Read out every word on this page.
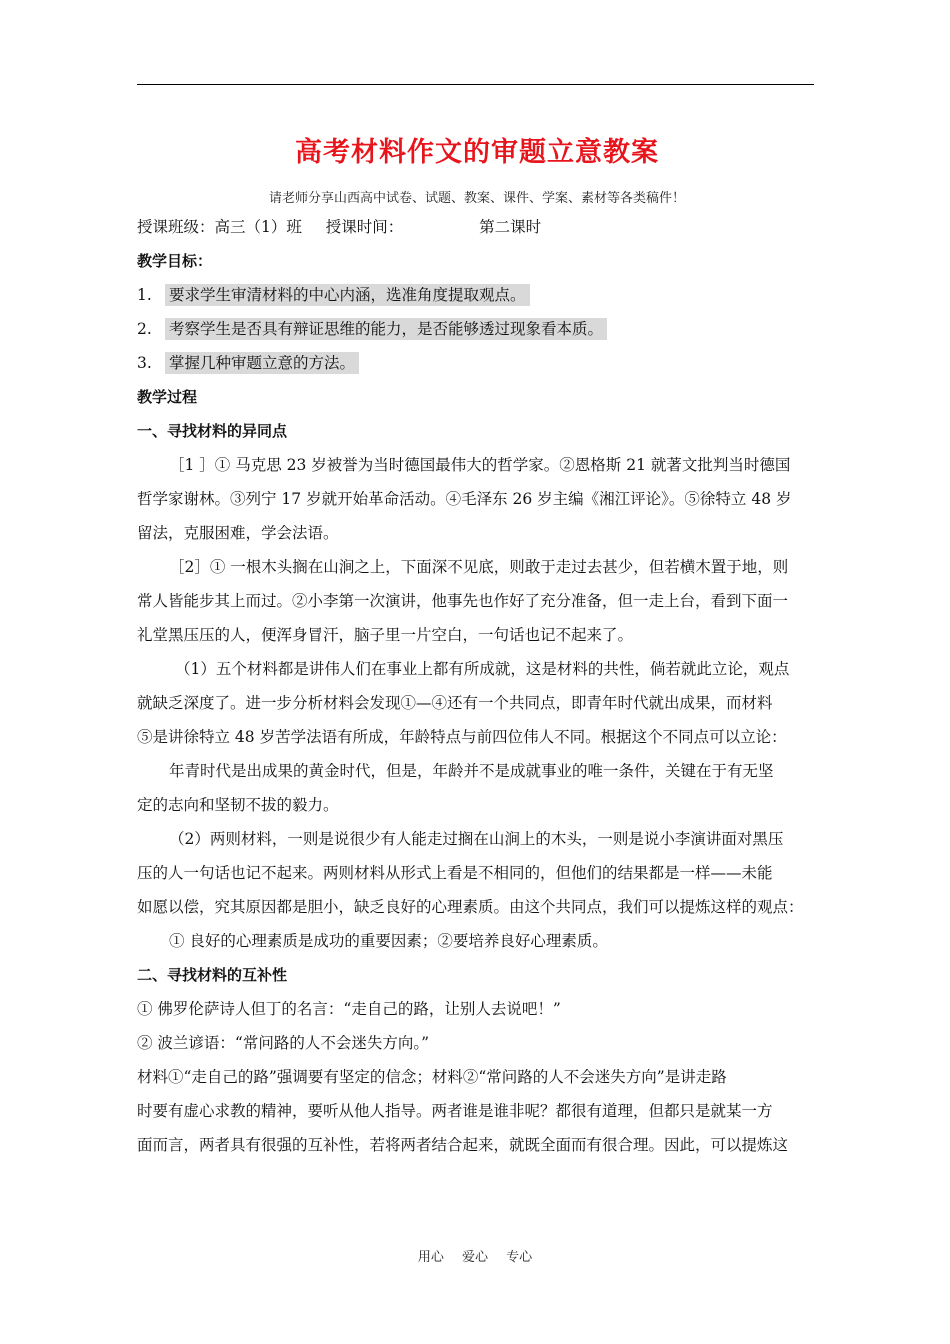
高考材料作文的审题立意教案
请老师分享山西高中试卷、试题、教案、课件、学案、素材等各类稿件！
授课班级：高三（1）班 授课时间：	第二课时
教学目标：
1. 要求学生审清材料的中心内涵，选准角度提取观点。
2. 考察学生是否具有辩证思维的能力，是否能够透过现象看本质。
3. 掌握几种审题立意的方法。
教学过程
一、寻找材料的异同点
［1 ］① 马克思 23 岁被誉为当时德国最伟大的哲学家。②恩格斯 21 就著文批判当时德国
哲学家谢林。③列宁 17 岁就开始革命活动。④毛泽东 26 岁主编《湘江评论》。⑤徐特立 48 岁
留法，克服困难，学会法语。
［2］① 一根木头搁在山涧之上，下面深不见底，则敢于走过去甚少，但若横木置于地，则
常人皆能步其上而过。②小李第一次演讲，他事先也作好了充分准备，但一走上台，看到下面一
礼堂黑压压的人，便浑身冒汗，脑子里一片空白，一句话也记不起来了。
（1）五个材料都是讲伟人们在事业上都有所成就，这是材料的共性，倘若就此立论，观点
就缺乏深度了。进一步分析材料会发现①—④还有一个共同点，即青年时代就出成果，而材料
⑤是讲徐特立 48 岁苦学法语有所成，年龄特点与前四位伟人不同。根据这个不同点可以立论：
年青时代是出成果的黄金时代，但是，年龄并不是成就事业的唯一条件，关键在于有无坚
定的志向和坚韧不拔的毅力。
（2）两则材料，一则是说很少有人能走过搁在山涧上的木头，一则是说小李演讲面对黑压
压的人一句话也记不起来。两则材料从形式上看是不相同的，但他们的结果都是一样——未能
如愿以偿，究其原因都是胆小，缺乏良好的心理素质。由这个共同点，我们可以提炼这样的观点：
① 良好的心理素质是成功的重要因素；②要培养良好心理素质。
二、寻找材料的互补性
① 佛罗伦萨诗人但丁的名言：“走自己的路，让别人去说吧！”
② 波兰谚语：“常问路的人不会迷失方向。”
材料①“走自己的路”强调要有坚定的信念；材料②“常问路的人不会迷失方向”是讲走路
时要有虚心求教的精神，要听从他人指导。两者谁是谁非呢？都很有道理，但都只是就某一方
面而言，两者具有很强的互补性，若将两者结合起来，就既全面而有很合理。因此，可以提炼这
用心 爱心 专心
